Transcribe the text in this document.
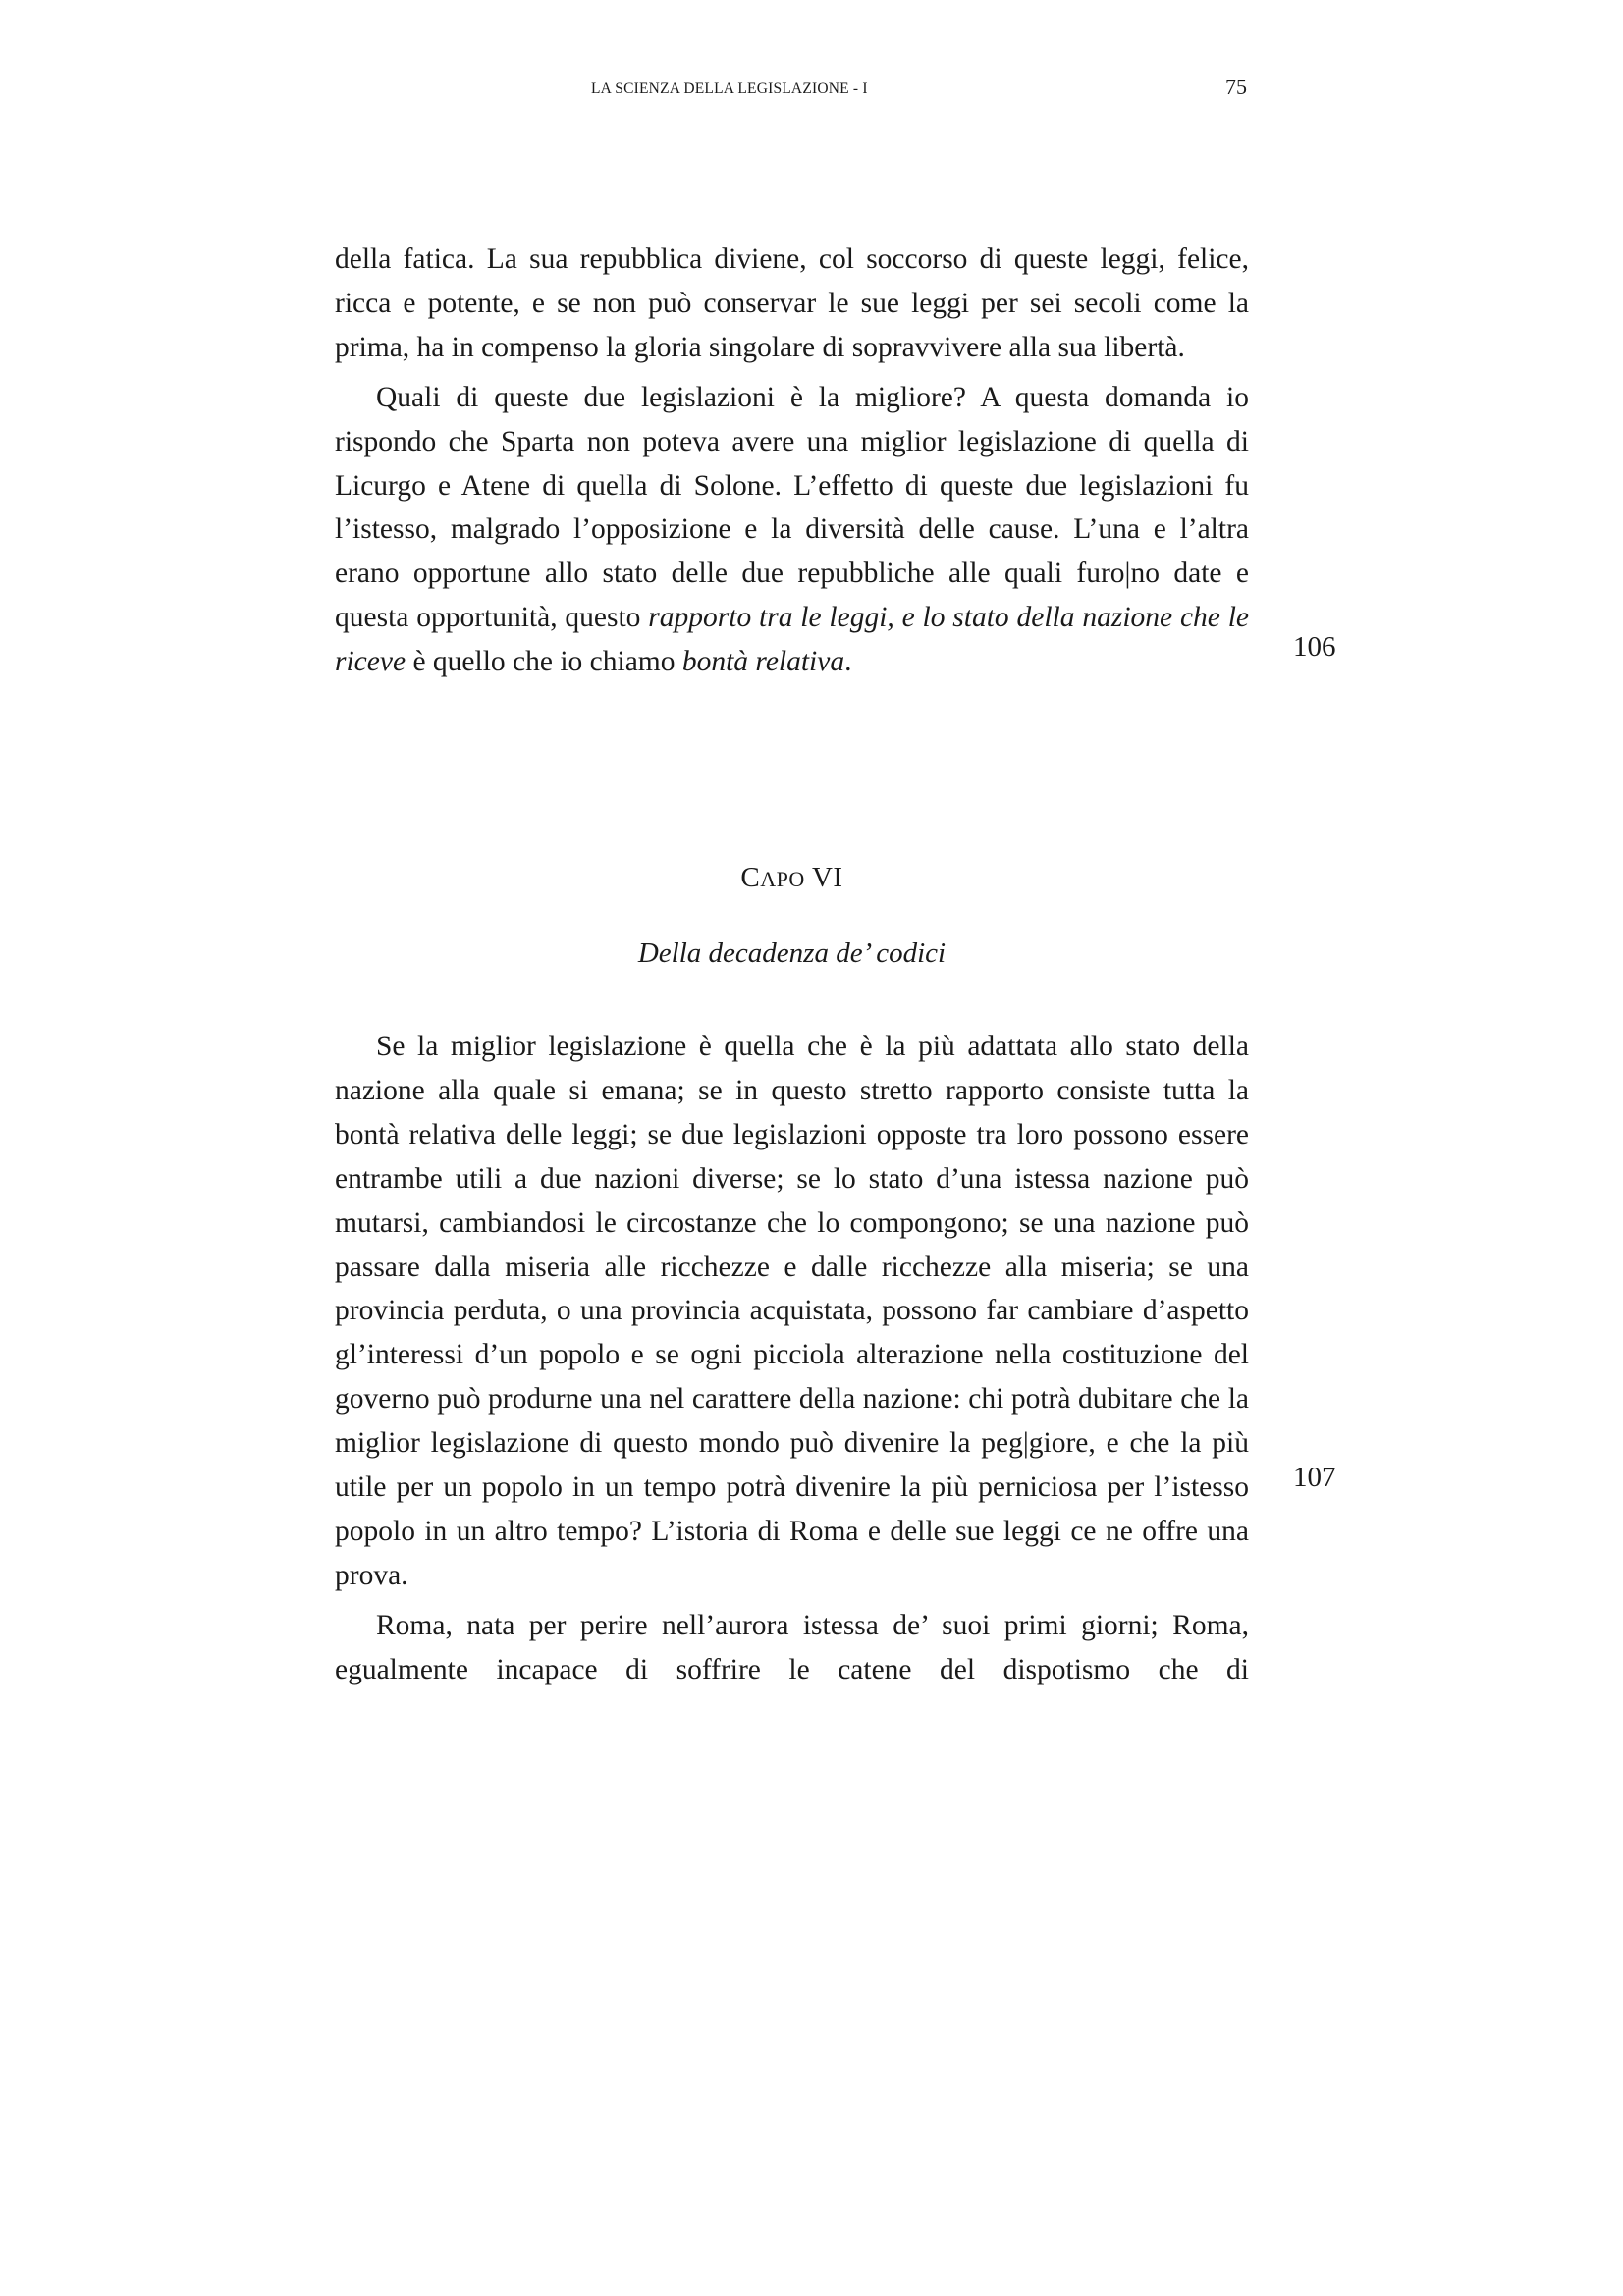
LA SCIENZA DELLA LEGISLAZIONE - I	75

della fatica. La sua repubblica diviene, col soccorso di queste leggi, felice, ricca e potente, e se non può conservar le sue leggi per sei secoli come la prima, ha in compenso la gloria singolare di sopravvivere alla sua libertà.

Quali di queste due legislazioni è la migliore? A questa domanda io rispondo che Sparta non poteva avere una miglior legislazione di quella di Licurgo e Atene di quella di Solone. L’effetto di queste due legislazioni fu l’istesso, malgrado l’opposizione e la diversità delle cause. L’una e l’altra erano opportune allo stato delle due repubbliche alle quali furo|no date e questa opportunità, questo rapporto tra le leggi, e lo stato della nazione che le riceve è quello che io chiamo bontà relativa.	106
CAPO VI
Della decadenza de’ codici

Se la miglior legislazione è quella che è la più adattata allo stato della nazione alla quale si emana; se in questo stretto rapporto consiste tutta la bontà relativa delle leggi; se due legislazioni opposte tra loro possono essere entrambe utili a due nazioni diverse; se lo stato d’una istessa nazione può mutarsi, cambiandosi le circostanze che lo compongono; se una nazione può passare dalla miseria alle ricchezze e dalle ricchezze alla miseria; se una provincia perduta, o una provincia acquistata, possono far cambiare d’aspetto gl’interessi d’un popolo e se ogni picciola alterazione nella costituzione del governo può produrne una nel carattere della nazione: chi potrà dubitare che la miglior legislazione di questo mondo può divenire la peg|giore, e che la più utile per un popolo in un tempo potrà divenire la più perniciosa per l’istesso popolo in un altro tempo? L’istoria di Roma e delle sue leggi ce ne offre una prova.

Roma, nata per perire nell’aurora istessa de’ suoi primi giorni; Roma, egualmente incapace di soffrire le catene del dispotismo che di

107
